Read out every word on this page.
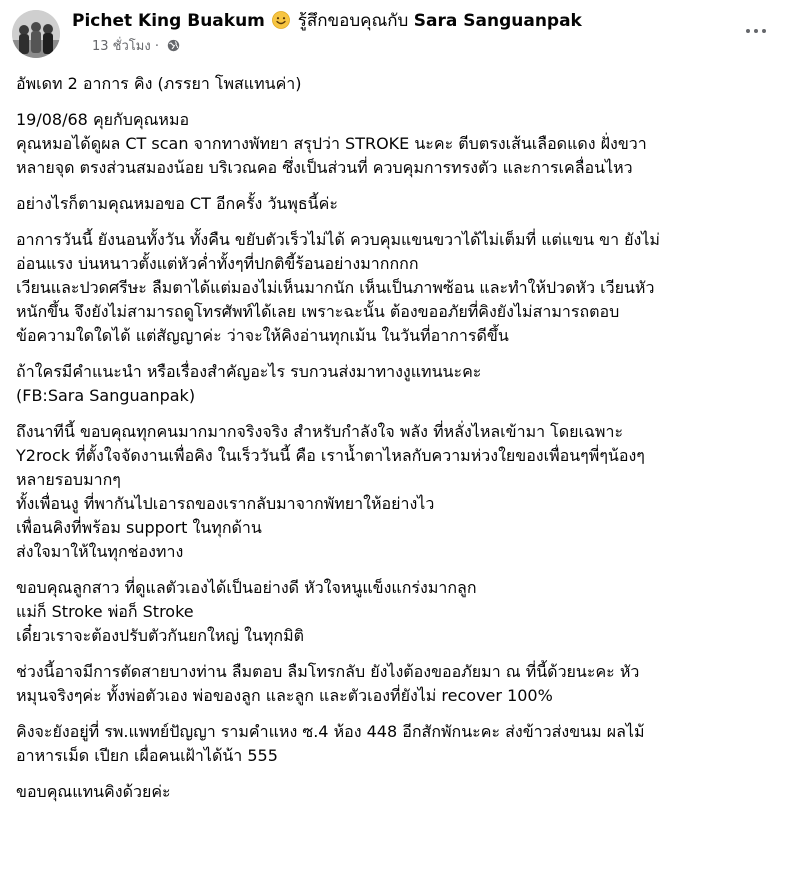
Pichet King Buakum รู้สึกขอบคุณกับ Sara Sanguanpak
13 ชั่วโมง ·
อัพเดท 2 อาการ คิง (ภรรยา โพสแทนค่า)
19/08/68 คุยกับคุณหมอ
คุณหมอได้ดูผล CT scan จากทางพัทยา สรุปว่า STROKE นะคะ ตีบตรงเส้นเลือดแดง ฝั่งขวา
หลายจุด ตรงส่วนสมองน้อย บริเวณคอ ซึ่งเป็นส่วนที่ ควบคุมการทรงตัว และการเคลื่อนไหว
อย่างไรก็ตามคุณหมอขอ CT อีกครั้ง วันพุธนี้ค่ะ
อาการวันนี้ ยังนอนทั้งวัน ทั้งคืน ขยับตัวเร็วไม่ได้ ควบคุมแขนขวาได้ไม่เต็มที่ แต่แขน ขา ยังไม่
อ่อนแรง บ่นหนาวตั้งแต่หัวค่ำทั้งๆที่ปกติขี้ร้อนอย่างมากกกก
เวียนและปวดศรีษะ ลืมตาได้แต่มองไม่เห็นมากนัก เห็นเป็นภาพซ้อน และทำให้ปวดหัว เวียนหัว
หนักขึ้น จึงยังไม่สามารถดูโทรศัพท์ได้เลย เพราะฉะนั้น ต้องขออภัยที่คิงยังไม่สามารถตอบ
ข้อความใดใดได้ แต่สัญญาค่ะ ว่าจะให้คิงอ่านทุกเม้น ในวันที่อาการดีขึ้น
ถ้าใครมีคำแนะนำ หรือเรื่องสำคัญอะไร รบกวนส่งมาทางงูแทนนะคะ
(FB:Sara Sanguanpak)
ถึงนาทีนี้ ขอบคุณทุกคนมากมากจริงจริง สำหรับกำลังใจ พลัง ที่หลั่งไหลเข้ามา โดยเฉพาะ
Y2rock ที่ตั้งใจจัดงานเพื่อคิง ในเร็ววันนี้ คือ เราน้ำตาไหลกับความห่วงใยของเพื่อนๆพี่ๆน้องๆ
หลายรอบมากๆ
ทั้งเพื่อนงู ที่พากันไปเอารถของเรากลับมาจากพัทยาให้อย่างไว
เพื่อนคิงที่พร้อม support ในทุกด้าน
ส่งใจมาให้ในทุกช่องทาง
ขอบคุณลูกสาว ที่ดูแลตัวเองได้เป็นอย่างดี หัวใจหนูแข็งแกร่งมากลูก
แม่ก็ Stroke พ่อก็ Stroke
เดี๋ยวเราจะต้องปรับตัวกันยกใหญ่ ในทุกมิติ
ช่วงนี้อาจมีการตัดสายบางท่าน ลืมตอบ ลืมโทรกลับ ยังไงต้องขออภัยมา ณ ที่นี้ด้วยนะคะ หัว
หมุนจริงๆค่ะ ทั้งพ่อตัวเอง พ่อของลูก และลูก และตัวเองที่ยังไม่ recover 100%
คิงจะยังอยู่ที่ รพ.แพทย์ปัญญา รามคำแหง ซ.4 ห้อง 448 อีกสักพักนะคะ ส่งข้าวส่งขนม ผลไม้
อาหารเม็ด เปียก เผื่อคนเฝ้าได้น้า 555
ขอบคุณแทนคิงด้วยค่ะ
